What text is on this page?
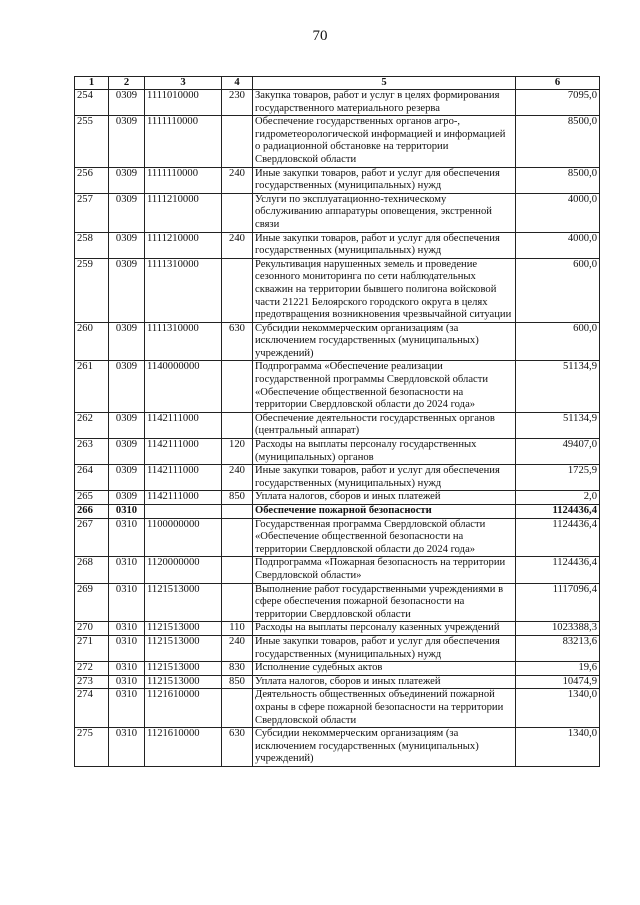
70
1	2	3	4	5	6
254	0309	1111010000	230	Закупка товаров, работ и услуг в целях формирования государственного материального резерва	7095,0
255	0309	1111110000		Обеспечение государственных органов агро-, гидрометеорологической информацией и информацией о радиационной обстановке на территории Свердловской области	8500,0
256	0309	1111110000	240	Иные закупки товаров, работ и услуг для обеспечения государственных (муниципальных) нужд	8500,0
257	0309	1111210000		Услуги по эксплуатационно-техническому обслуживанию аппаратуры оповещения, экстренной связи	4000,0
258	0309	1111210000	240	Иные закупки товаров, работ и услуг для обеспечения государственных (муниципальных) нужд	4000,0
259	0309	1111310000		Рекультивация нарушенных земель и проведение сезонного мониторинга по сети наблюдательных скважин на территории бывшего полигона войсковой части 21221 Белоярского городского округа в целях предотвращения возникновения чрезвычайной ситуации	600,0
260	0309	1111310000	630	Субсидии некоммерческим организациям (за исключением государственных (муниципальных) учреждений)	600,0
261	0309	1140000000		Подпрограмма «Обеспечение реализации государственной программы Свердловской области «Обеспечение общественной безопасности на территории Свердловской области до 2024 года»	51134,9
262	0309	1142111000		Обеспечение деятельности государственных органов (центральный аппарат)	51134,9
263	0309	1142111000	120	Расходы на выплаты персоналу государственных (муниципальных) органов	49407,0
264	0309	1142111000	240	Иные закупки товаров, работ и услуг для обеспечения государственных (муниципальных) нужд	1725,9
265	0309	1142111000	850	Уплата налогов, сборов и иных платежей	2,0
266	0310			Обеспечение пожарной безопасности	1124436,4
267	0310	1100000000		Государственная программа Свердловской области «Обеспечение общественной безопасности на территории Свердловской области до 2024 года»	1124436,4
268	0310	1120000000		Подпрограмма «Пожарная безопасность на территории Свердловской области»	1124436,4
269	0310	1121513000		Выполнение работ государственными учреждениями в сфере обеспечения пожарной безопасности на территории Свердловской области	1117096,4
270	0310	1121513000	110	Расходы на выплаты персоналу казенных учреждений	1023388,3
271	0310	1121513000	240	Иные закупки товаров, работ и услуг для обеспечения государственных (муниципальных) нужд	83213,6
272	0310	1121513000	830	Исполнение судебных актов	19,6
273	0310	1121513000	850	Уплата налогов, сборов и иных платежей	10474,9
274	0310	1121610000		Деятельность общественных объединений пожарной охраны в сфере пожарной безопасности на территории Свердловской области	1340,0
275	0310	1121610000	630	Субсидии некоммерческим организациям (за исключением государственных (муниципальных) учреждений)	1340,0
